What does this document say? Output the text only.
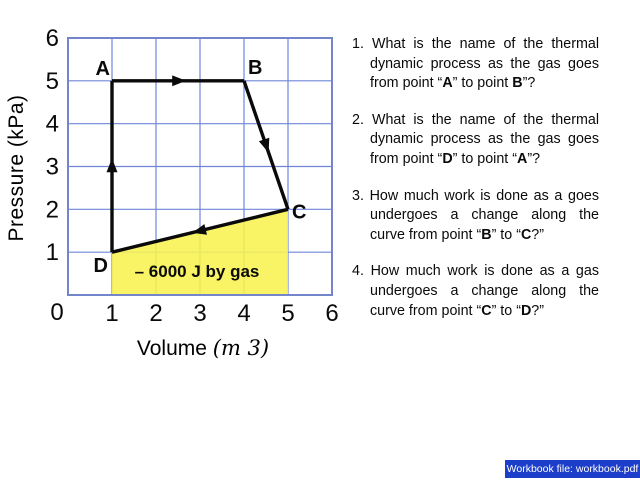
– 6000 J by gas
A	B
C
D
1
2
3
4
5
6
1 2 3 4 5 6
0
Pressure (kPa)
Volume (m 3)
1. What is the name of the thermal dynamic process as the gas goes from point “A” to point B”?
2. What is the name of the thermal dynamic process as the gas goes from point “D” to point “A”?
3. How much work is done as a goes undergoes a change along the curve from point “B” to “C?”
4. How much work is done as a gas undergoes a change along the curve from point “C” to “D?”
Workbook file: workbook.pdf
